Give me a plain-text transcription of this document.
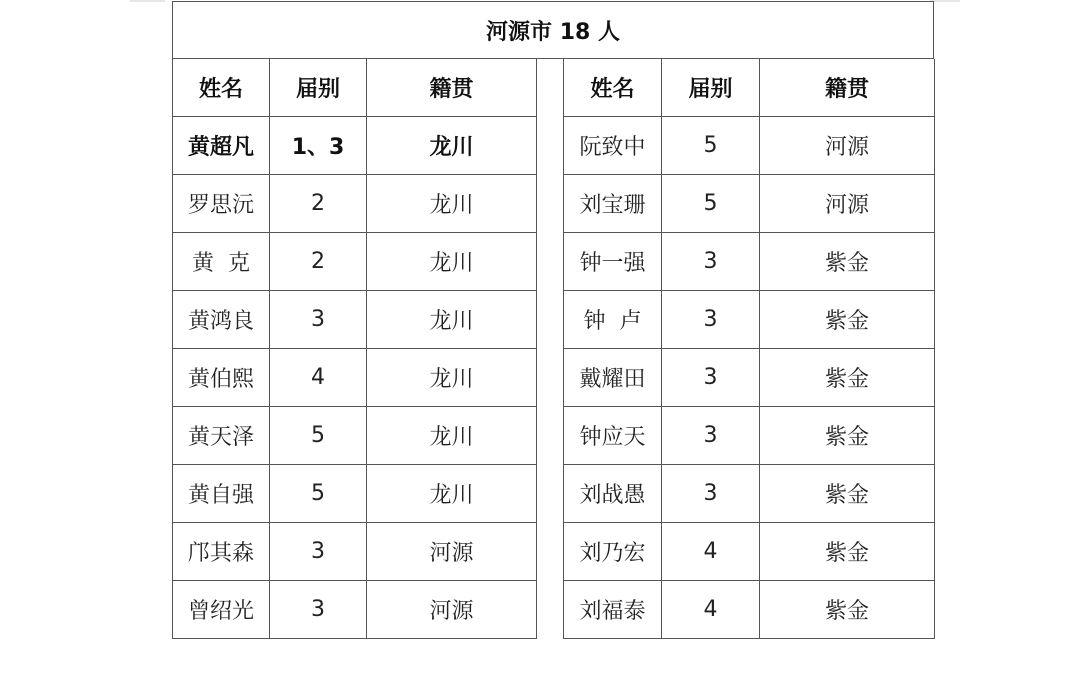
河源市 18 人
姓名	届别	籍贯
黄超凡	1、3	龙川
罗思沅	2	龙川
黄  克	2	龙川
黄鸿良	3	龙川
黄伯熙	4	龙川
黄天泽	5	龙川
黄自强	5	龙川
邝其森	3	河源
曾绍光	3	河源
姓名	届别	籍贯
阮致中	5	河源
刘宝珊	5	河源
钟一强	3	紫金
钟  卢	3	紫金
戴耀田	3	紫金
钟应天	3	紫金
刘战愚	3	紫金
刘乃宏	4	紫金
刘福泰	4	紫金
